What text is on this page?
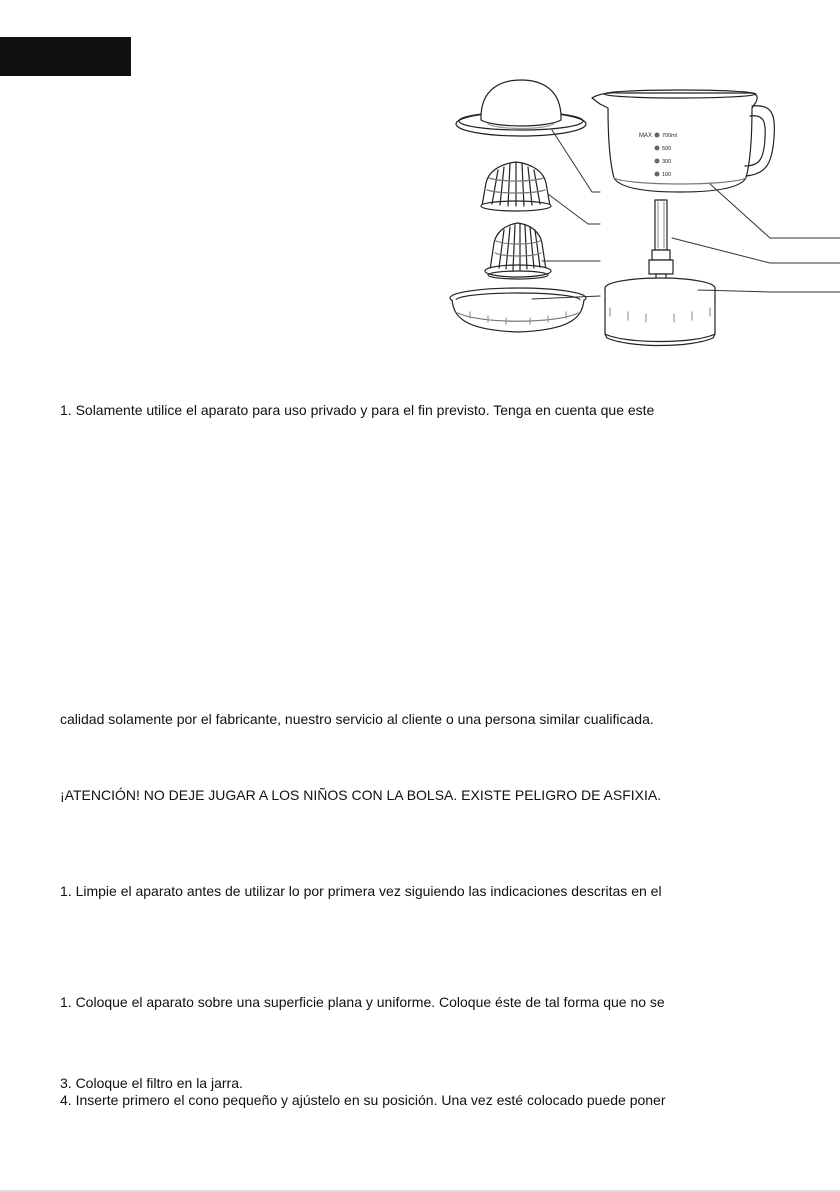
MAX 700ml
500
300
100

1. Solamente utilice el aparato para uso privado y para el fin previsto. Tenga en cuenta que este

calidad solamente por el fabricante, nuestro servicio al cliente o una persona similar cualificada.

¡ATENCIÓN! NO DEJE JUGAR A LOS NIÑOS CON LA BOLSA. EXISTE PELIGRO DE ASFIXIA.

1. Limpie el aparato antes de utilizar lo por primera vez siguiendo las indicaciones descritas en el

1. Coloque el aparato sobre una superficie plana y uniforme. Coloque éste de tal forma que no se

3. Coloque el filtro en la jarra.

4. Inserte primero el cono pequeño y ajústelo en su posición. Una vez esté colocado puede poner
